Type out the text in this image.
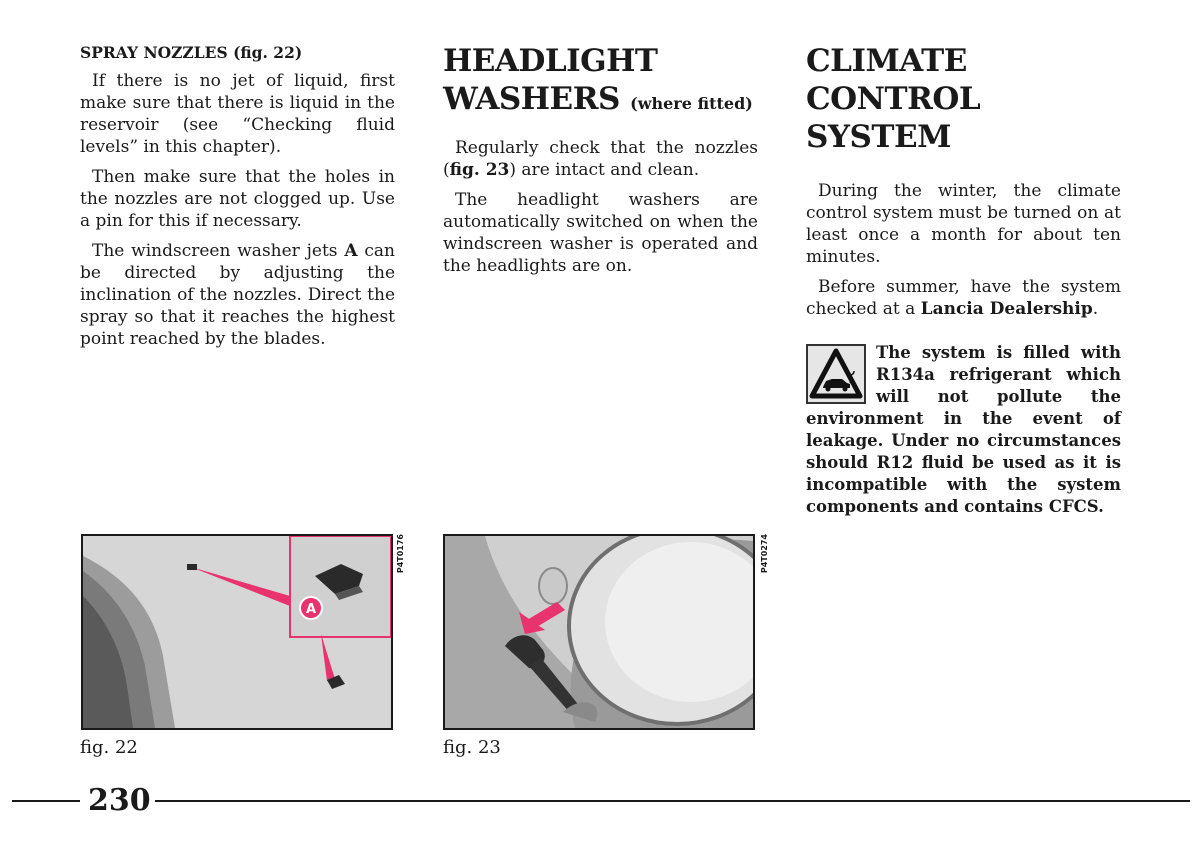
SPRAY NOZZLES (fig. 22)

If there is no jet of liquid, first make sure that there is liquid in the reservoir (see “Checking fluid levels” in this chapter).

Then make sure that the holes in the nozzles are not clogged up. Use a pin for this if necessary.

The windscreen washer jets A can be directed by adjusting the inclination of the nozzles. Direct the spray so that it reaches the highest point reached by the blades.

HEADLIGHT
WASHERS (where fitted)

Regularly check that the nozzles (fig. 23) are intact and clean.

The headlight washers are automatically switched on when the windscreen washer is operated and the headlights are on.

CLIMATE
CONTROL SYSTEM

During the winter, the climate control system must be turned on at least once a month for about ten minutes.

Before summer, have the system checked at a Lancia Dealership.

The system is filled with R134a refrigerant which will not pollute the environment in the event of leakage. Under no circumstances should R12 fluid be used as it is incompatible with the system components and contains CFCS.
A
P4T0176
fig. 22
P4T0274
fig. 23
230
